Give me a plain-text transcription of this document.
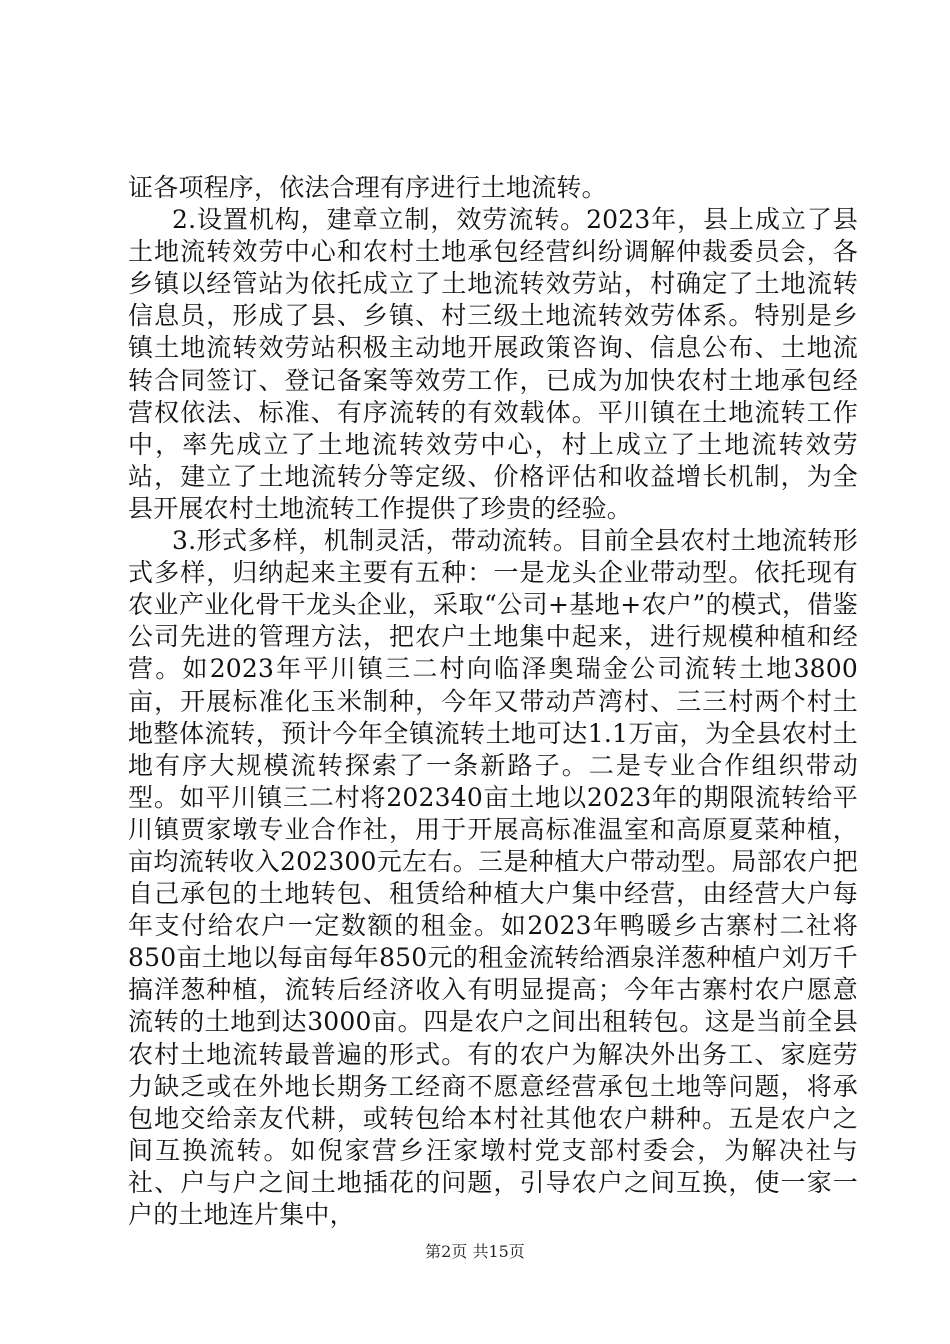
证各项程序，依法合理有序进行土地流转。

2.设置机构，建章立制，效劳流转。2023年，县上成立了县土地流转效劳中心和农村土地承包经营纠纷调解仲裁委员会，各乡镇以经管站为依托成立了土地流转效劳站，村确定了土地流转信息员，形成了县、乡镇、村三级土地流转效劳体系。特别是乡镇土地流转效劳站积极主动地开展政策咨询、信息公布、土地流转合同签订、登记备案等效劳工作，已成为加快农村土地承包经营权依法、标准、有序流转的有效载体。平川镇在土地流转工作中，率先成立了土地流转效劳中心，村上成立了土地流转效劳站，建立了土地流转分等定级、价格评估和收益增长机制，为全县开展农村土地流转工作提供了珍贵的经验。

3.形式多样，机制灵活，带动流转。目前全县农村土地流转形式多样，归纳起来主要有五种：一是龙头企业带动型。依托现有农业产业化骨干龙头企业，采取“公司+基地+农户”的模式，借鉴公司先进的管理方法，把农户土地集中起来，进行规模种植和经营。如2023年平川镇三二村向临泽奥瑞金公司流转土地3800亩，开展标准化玉米制种，今年又带动芦湾村、三三村两个村土地整体流转，预计今年全镇流转土地可达1.1万亩，为全县农村土地有序大规模流转探索了一条新路子。二是专业合作组织带动型。如平川镇三二村将202340亩土地以2023年的期限流转给平川镇贾家墩专业合作社，用于开展高标准温室和高原夏菜种植，亩均流转收入202300元左右。三是种植大户带动型。局部农户把自己承包的土地转包、租赁给种植大户集中经营，由经营大户每年支付给农户一定数额的租金。如2023年鸭暖乡古寨村二社将850亩土地以每亩每年850元的租金流转给酒泉洋葱种植户刘万千搞洋葱种植，流转后经济收入有明显提高；今年古寨村农户愿意流转的土地到达3000亩。四是农户之间出租转包。这是当前全县农村土地流转最普遍的形式。有的农户为解决外出务工、家庭劳力缺乏或在外地长期务工经商不愿意经营承包土地等问题，将承包地交给亲友代耕，或转包给本村社其他农户耕种。五是农户之间互换流转。如倪家营乡汪家墩村党支部村委会，为解决社与社、户与户之间土地插花的问题，引导农户之间互换，使一家一户的土地连片集中，

第2页 共15页
